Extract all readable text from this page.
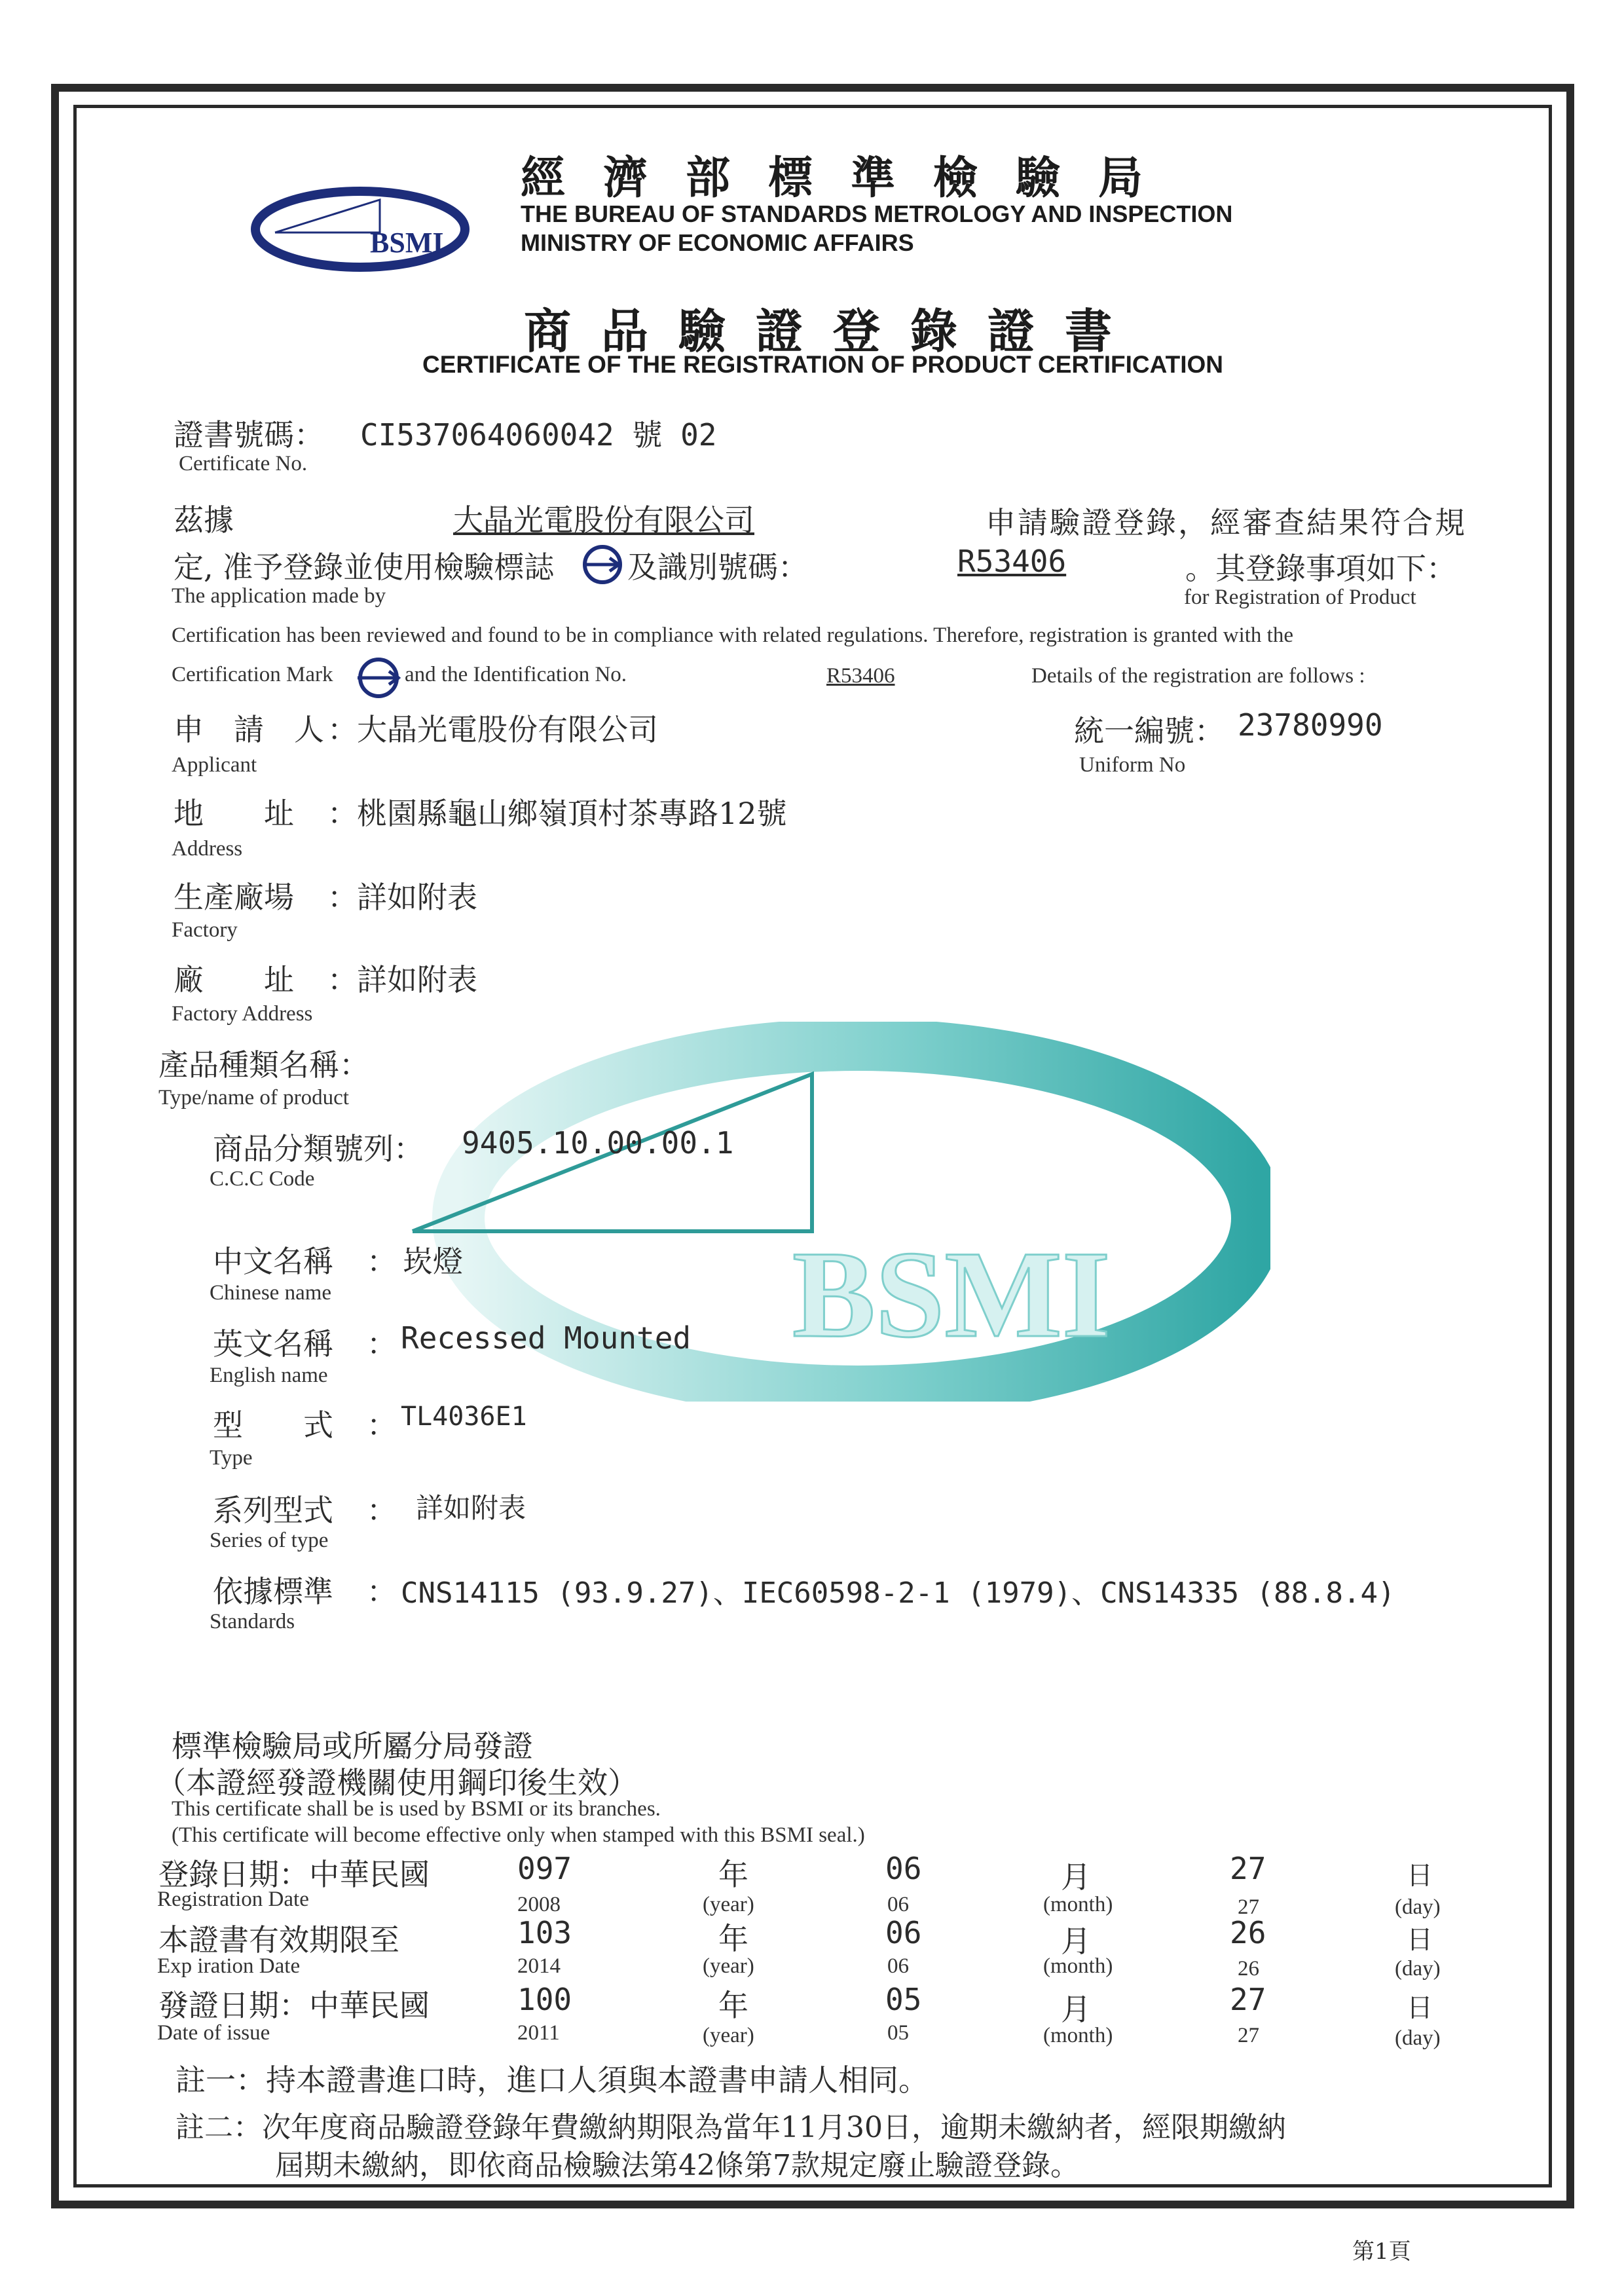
BSMI
BSMI
經濟部標準檢驗局
THE BUREAU OF STANDARDS METROLOGY AND INSPECTION
MINISTRY OF ECONOMIC AFFAIRS
商品驗證登錄證書
CERTIFICATE OF THE REGISTRATION OF PRODUCT CERTIFICATION
證書號碼： CI537064060042 號 02
Certificate No.
茲據	大晶光電股份有限公司	申請驗證登錄，經審查結果符合規
定, 准予登錄並使用檢驗標誌 及識別號碼：	R53406	。其登錄事項如下：
The application made by	for Registration of Product
Certification has been reviewed and found to be in compliance with related regulations. Therefore, registration is granted with the
Certification Mark	and the Identification No.	R53406	Details of the registration are follows :
申　請　人 ： 大晶光電股份有限公司
Applicant
統一編號： 23780990
Uniform No
地　　址 ： 桃園縣龜山鄉嶺頂村茶專路12號
Address
生產廠場 ： 詳如附表
Factory
廠　　址 ： 詳如附表
Factory Address
產品種類名稱：
Type/name of product
商品分類號列： 9405.10.00.00.1
C.C.C Code
中文名稱 ： 崁燈
Chinese name
英文名稱 ： Recessed Mounted
English name
型　　式 ： TL4036E1
Type
系列型式 ： 詳如附表
Series of type
依據標準 ： CNS14115 (93.9.27)、IEC60598-2-1 (1979)、CNS14335 (88.8.4)
Standards
標準檢驗局或所屬分局發證
（本證經發證機關使用鋼印後生效）
This certificate shall be is used by BSMI or its branches.
(This certificate will become effective only when stamped with this BSMI seal.)
登錄日期：中華民國	097	年	06	月	27	日
Registration Date	2008	(year)	06	(month)	27	(day)
本證書有效期限至	103	年	06	月	26	日
Exp iration Date	2014	(year)	06	(month)	26	(day)
發證日期：中華民國	100	年	05	月	27	日
Date of issue	2011	(year)	05	(month)	27	(day)
註一：持本證書進口時，進口人須與本證書申請人相同。
註二：次年度商品驗證登錄年費繳納期限為當年11月30日，逾期未繳納者，經限期繳納
屆期未繳納，即依商品檢驗法第42條第7款規定廢止驗證登錄。
第1頁
